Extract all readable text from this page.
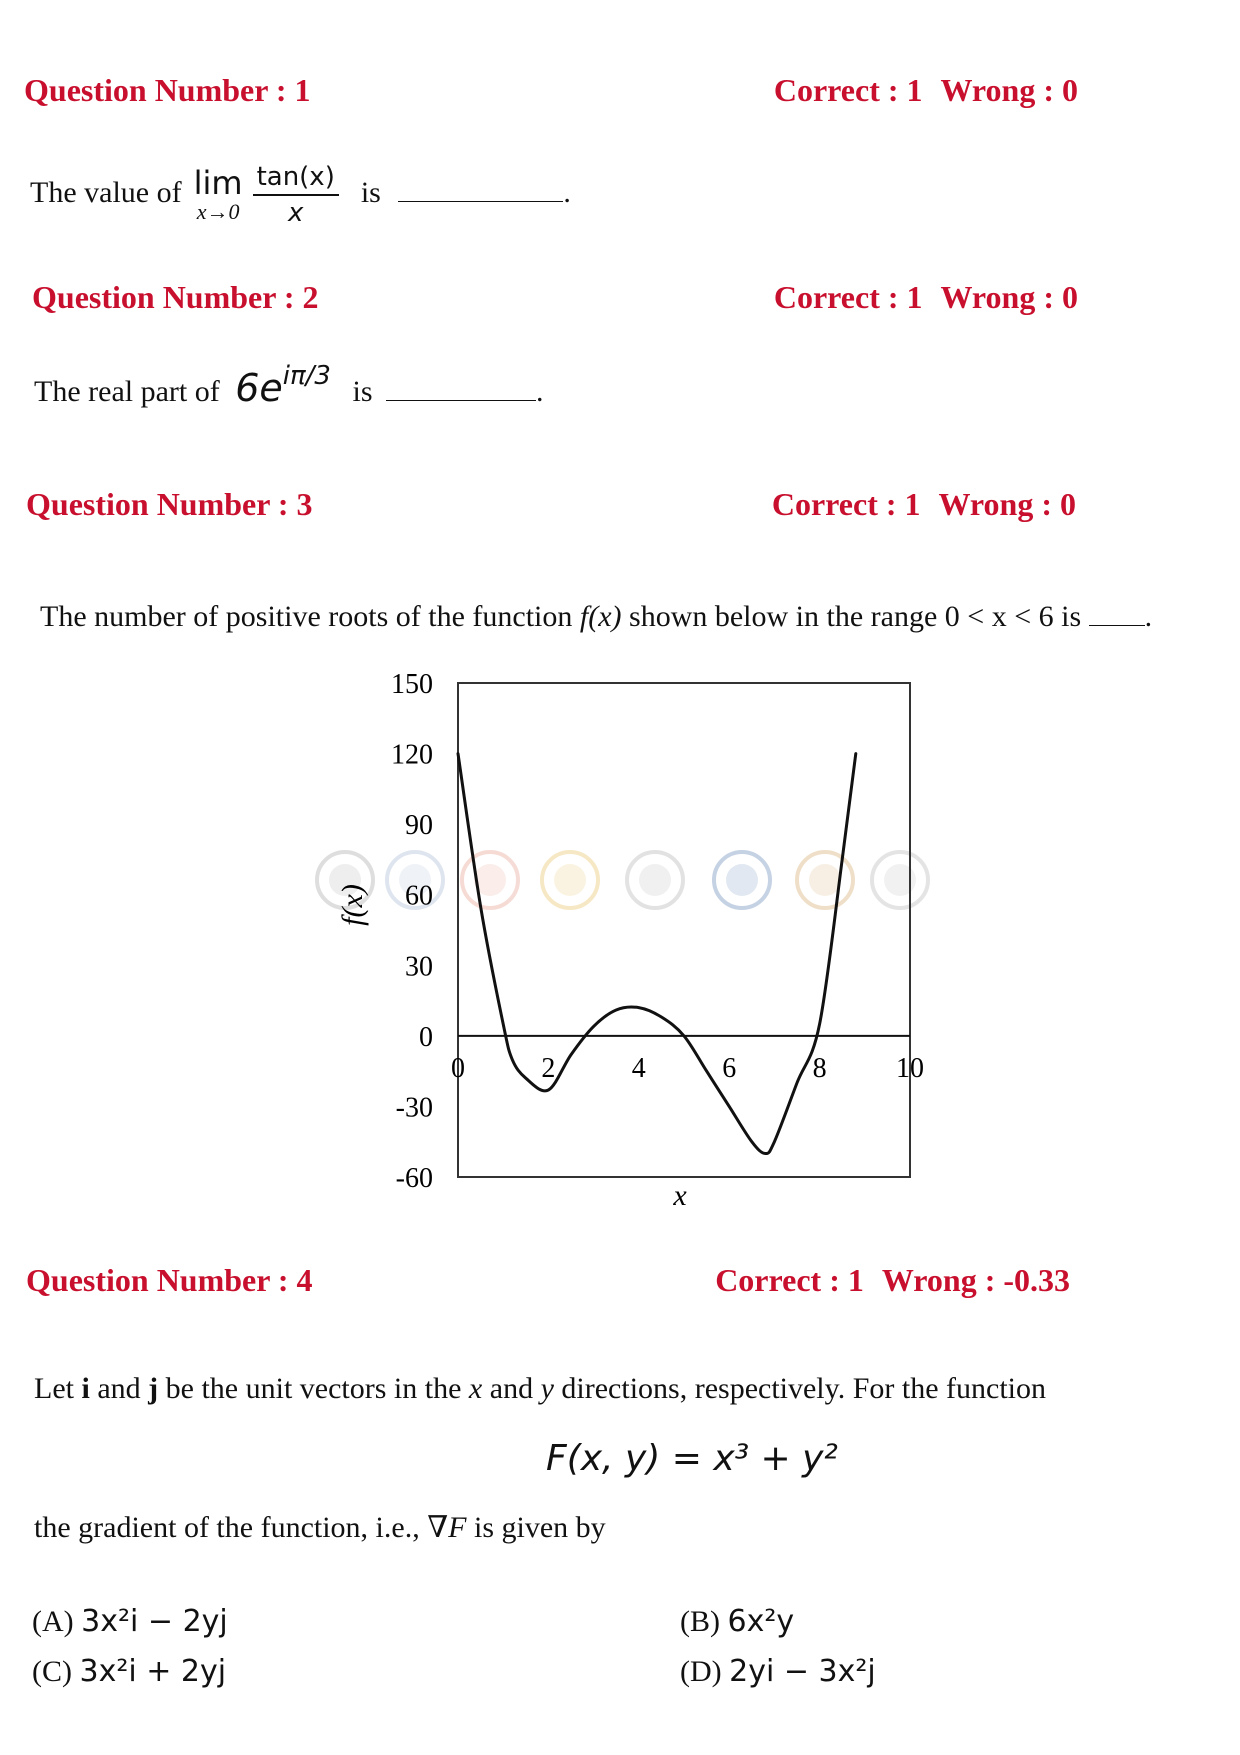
Question Number : 1	Correct : 1 Wrong : 0
The value of lim
$x\to 0 \frac{\tan(x)}{x}$ is	.
Question Number : 2	Correct : 1 Wrong : 0
The real part of $6e^{i\pi/3}$ is	.
Question Number : 3	Correct : 1 Wrong : 0
The number of positive roots of the function f(x) shown below in the range 0 < x < 6 is .
150
120
90
60
30
0
-30
-60
0	2	4	6	8 10
x
f(x)
Question Number : 4	Correct : 1 Wrong : -0.33
Let i and j be the unit vectors in the x and y directions, respectively. For the function
F(x, y) = x³ + y²
the gradient of the function, i.e., ∇F is given by
(A) 3x²i − 2yj	(B) 6x²y
(C) 3x²i + 2yj	(D) 2yi − 3x²j
